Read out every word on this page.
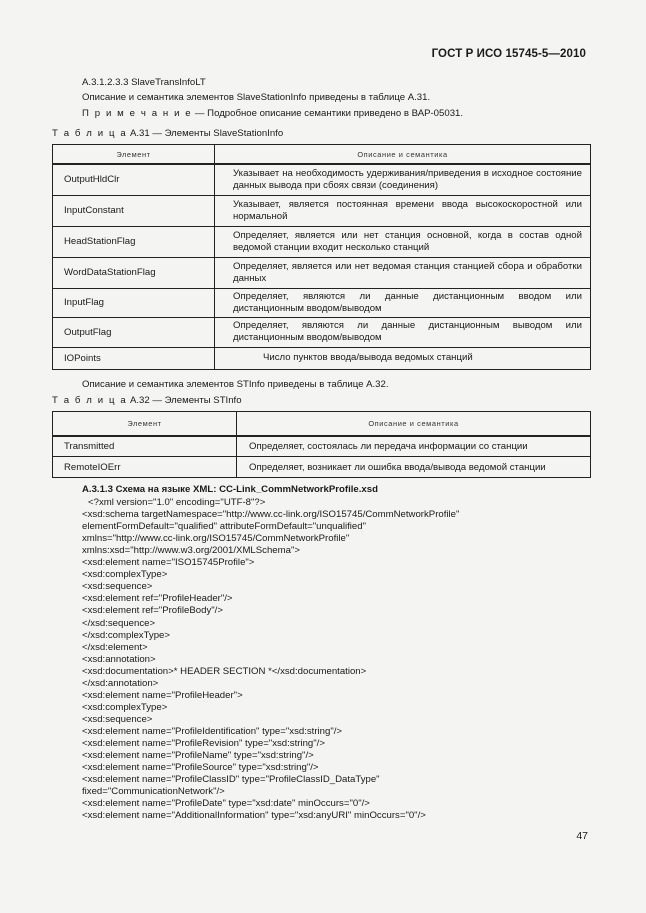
ГОСТ Р ИСО 15745-5—2010
А.3.1.2.3.3 SlaveTransInfoLT
Описание и семантика элементов SlaveStationInfo приведены в таблице А.31.
П р и м е ч а н и е — Подробное описание семантики приведено в ВАР-05031.
Т а б л и ц а А.31 — Элементы SlaveStationInfo
Элемент	Описание и семантика
OutputHldClr	Указывает на необходимость удерживания/приведения в исходное состояние данных вывода при сбоях связи (соединения)
InputConstant	Указывает, является постоянная времени ввода высокоскоростной или нормальной
HeadStationFlag	Определяет, является или нет станция основной, когда в состав одной ведомой станции входит несколько станций
WordDataStationFlag	Определяет, является или нет ведомая станция станцией сбора и обработки данных
InputFlag	Определяет, являются ли данные дистанционным вводом или дистанционным вводом/выводом
OutputFlag	Определяет, являются ли данные дистанционным выводом или дистанционным вводом/выводом
IOPoints	Число пунктов ввода/вывода ведомых станций
Описание и семантика элементов STInfo приведены в таблице А.32.
Т а б л и ц а А.32 — Элементы STInfo
Элемент	Описание и семантика
Transmitted	Определяет, состоялась ли передача информации со станции
RemoteIOErr	Определяет, возникает ли ошибка ввода/вывода ведомой станции
А.3.1.3 Схема на языке XML: CC-Link_CommNetworkProfile.xsd
<?xml version="1.0" encoding="UTF-8"?>
<xsd:schema targetNamespace="http://www.cc-link.org/ISO15745/CommNetworkProfile"
elementFormDefault="qualified" attributeFormDefault="unqualified"
xmlns="http://www.cc-link.org/ISO15745/CommNetworkProfile"
xmlns:xsd="http://www.w3.org/2001/XMLSchema">
<xsd:element name="ISO15745Profile">
<xsd:complexType>
<xsd:sequence>
<xsd:element ref="ProfileHeader"/>
<xsd:element ref="ProfileBody"/>
</xsd:sequence>
</xsd:complexType>
</xsd:element>
<xsd:annotation>
<xsd:documentation>* HEADER SECTION *</xsd:documentation>
</xsd:annotation>
<xsd:element name="ProfileHeader">
<xsd:complexType>
<xsd:sequence>
<xsd:element name="ProfileIdentification" type="xsd:string"/>
<xsd:element name="ProfileRevision" type="xsd:string"/>
<xsd:element name="ProfileName" type="xsd:string"/>
<xsd:element name="ProfileSource" type="xsd:string"/>
<xsd:element name="ProfileClassID" type="ProfileClassID_DataType"
fixed="CommunicationNetwork"/>
<xsd:element name="ProfileDate" type="xsd:date" minOccurs="0"/>
<xsd:element name="AdditionalInformation" type="xsd:anyURI" minOccurs="0"/>
47
